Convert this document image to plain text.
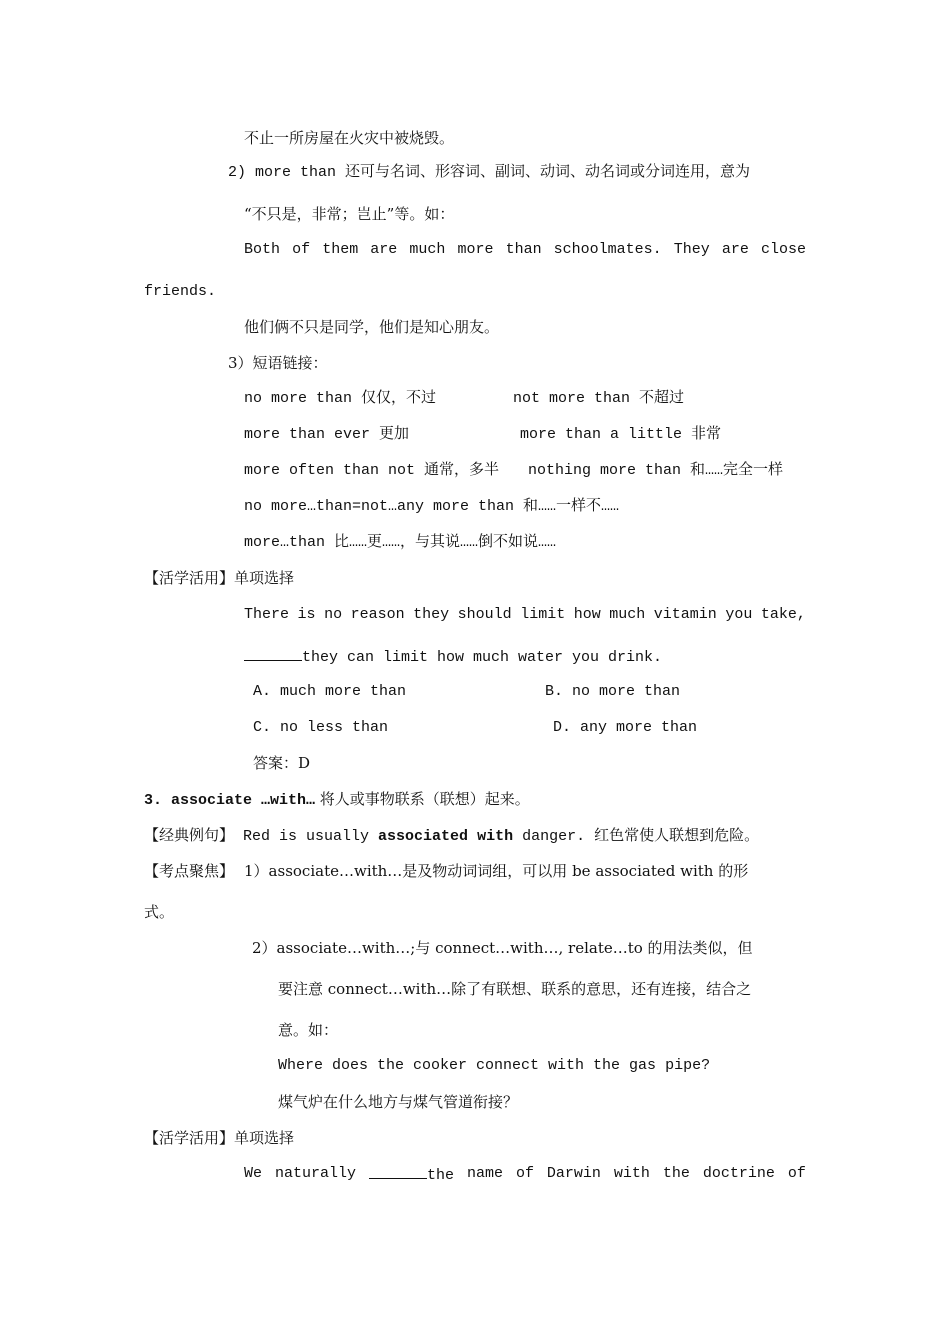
不止一所房屋在火灾中被烧毁。
2) more than 还可与名词、形容词、副词、动词、动名词或分词连用，意为
“不只是，非常；岂止”等。如：
Both of them are much more than schoolmates. They are close
friends.
他们俩不只是同学，他们是知心朋友。
3）短语链接：
no more than 仅仅，不过	not more than 不超过
more than ever 更加	more than a little 非常
more often than not 通常，多半 nothing more than 和……完全一样
no more…than=not…any more than 和……一样不……
more…than 比……更……，与其说……倒不如说……
【活学活用】单项选择
There is no reason they should limit how much vitamin you take,
they can limit how much water you drink.
A. much more than	B. no more than
C. no less than	D. any more than
答案：D
3. associate …with… 将人或事物联系（联想）起来。
【经典例句】 Red is usually associated with danger. 红色常使人联想到危险。
【考点聚焦】 1）associate…with…是及物动词词组，可以用 be associated with 的形
式。
2）associate…with…;与 connect…with…, relate…to 的用法类似，但
要注意 connect…with…除了有联想、联系的意思，还有连接，结合之
意。如：
Where does the cooker connect with the gas pipe?
煤气炉在什么地方与煤气管道衔接？
【活学活用】单项选择
We naturally	the name of Darwin with the doctrine of
